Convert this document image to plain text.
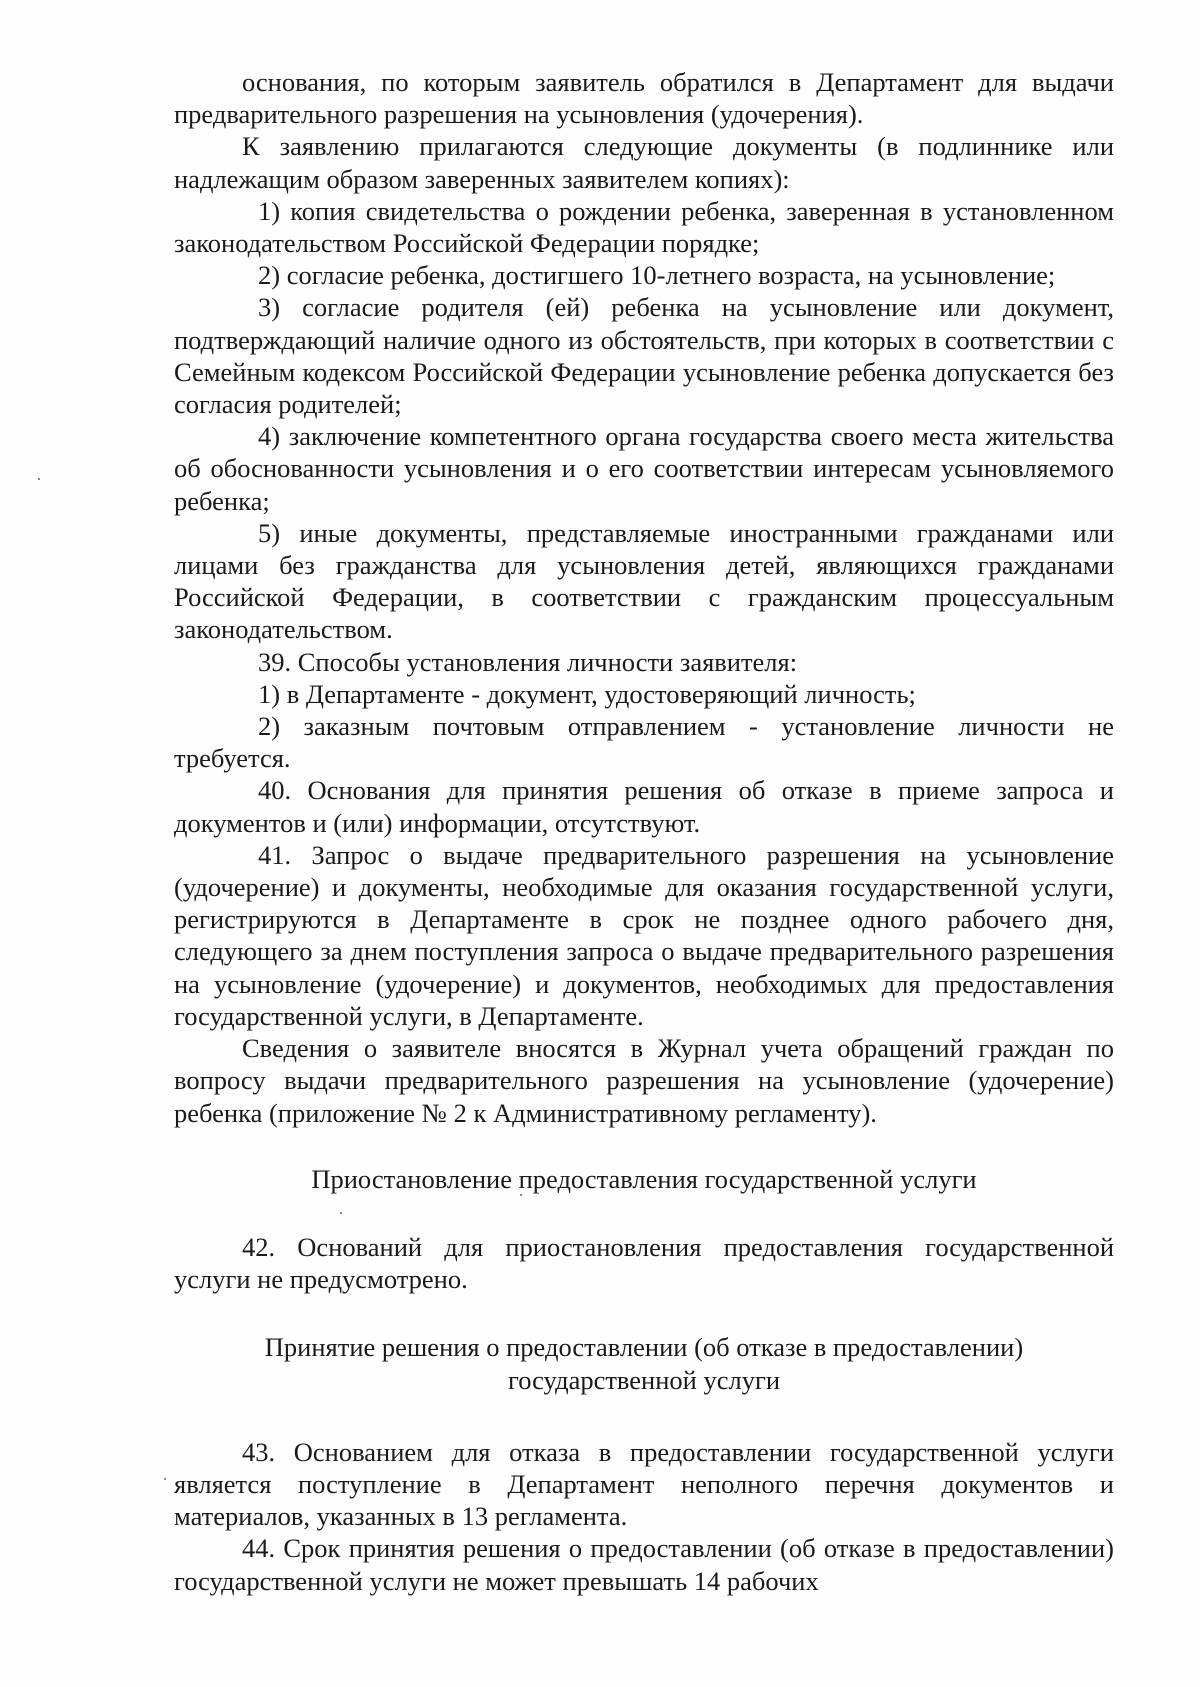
основания, по которым заявитель обратился в Департамент для выдачи предварительного разрешения на усыновления (удочерения).

К заявлению прилагаются следующие документы (в подлиннике или надлежащим образом заверенных заявителем копиях):

1) копия свидетельства о рождении ребенка, заверенная в установленном законодательством Российской Федерации порядке;

2) согласие ребенка, достигшего 10-летнего возраста, на усыновление;

3) согласие родителя (ей) ребенка на усыновление или документ, подтверждающий наличие одного из обстоятельств, при которых в соответствии с Семейным кодексом Российской Федерации усыновление ребенка допускается без согласия родителей;

4) заключение компетентного органа государства своего места жительства об обоснованности усыновления и о его соответствии интересам усыновляемого ребенка;

5) иные документы, представляемые иностранными гражданами или лицами без гражданства для усыновления детей, являющихся гражданами Российской Федерации, в соответствии с гражданским процессуальным законодательством.

39. Способы установления личности заявителя:

1) в Департаменте - документ, удостоверяющий личность;

2) заказным почтовым отправлением - установление личности не требуется.

40. Основания для принятия решения об отказе в приеме запроса и документов и (или) информации, отсутствуют.

41. Запрос о выдаче предварительного разрешения на усыновление (удочерение) и документы, необходимые для оказания государственной услуги, регистрируются в Департаменте в срок не позднее одного рабочего дня, следующего за днем поступления запроса о выдаче предварительного разрешения на усыновление (удочерение) и документов, необходимых для предоставления государственной услуги, в Департаменте.

Сведения о заявителе вносятся в Журнал учета обращений граждан по вопросу выдачи предварительного разрешения на усыновление (удочерение) ребенка (приложение № 2 к Административному регламенту).

Приостановление предоставления государственной услуги

42. Оснований для приостановления предоставления государственной услуги не предусмотрено.

Принятие решения о предоставлении (об отказе в предоставлении)

государственной услуги

43. Основанием для отказа в предоставлении государственной услуги является поступление в Департамент неполного перечня документов и материалов, указанных в 13 регламента.

44. Срок принятия решения о предоставлении (об отказе в предоставлении) государственной услуги не может превышать 14 рабочих
